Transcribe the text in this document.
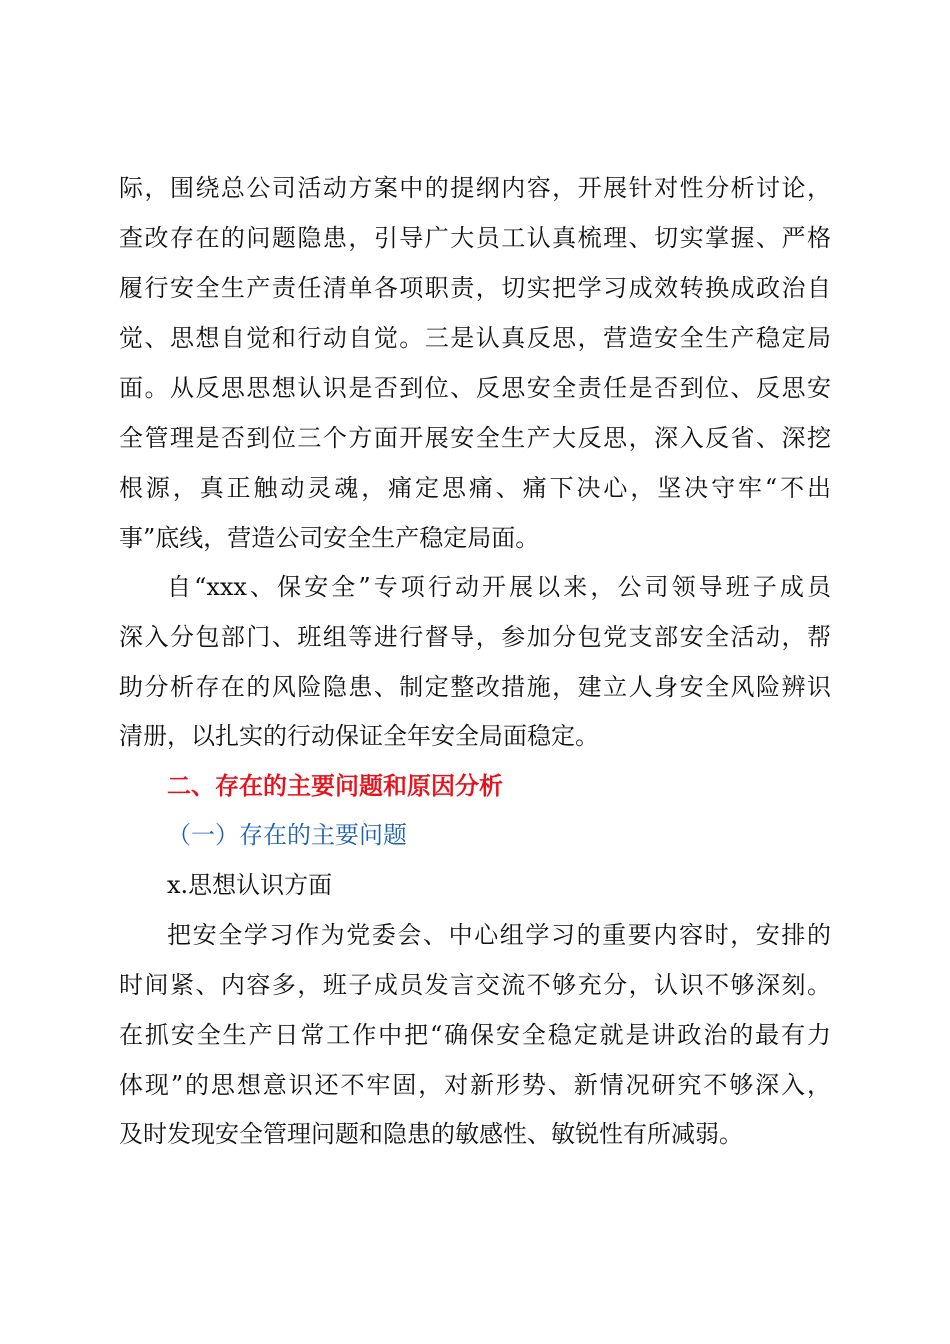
际，围绕总公司活动方案中的提纲内容，开展针对性分析讨论，
查改存在的问题隐患，引导广大员工认真梳理、切实掌握、严格
履行安全生产责任清单各项职责，切实把学习成效转换成政治自
觉、思想自觉和行动自觉。三是认真反思，营造安全生产稳定局
面。从反思思想认识是否到位、反思安全责任是否到位、反思安
全管理是否到位三个方面开展安全生产大反思，深入反省、深挖
根源，真正触动灵魂，痛定思痛、痛下决心，坚决守牢“不出
事”底线，营造公司安全生产稳定局面。
自“xxx、保安全”专项行动开展以来，公司领导班子成员
深入分包部门、班组等进行督导，参加分包党支部安全活动，帮
助分析存在的风险隐患、制定整改措施，建立人身安全风险辨识
清册，以扎实的行动保证全年安全局面稳定。
二、存在的主要问题和原因分析
（一）存在的主要问题
x.思想认识方面
把安全学习作为党委会、中心组学习的重要内容时，安排的
时间紧、内容多，班子成员发言交流不够充分，认识不够深刻。
在抓安全生产日常工作中把“确保安全稳定就是讲政治的最有力
体现”的思想意识还不牢固，对新形势、新情况研究不够深入，
及时发现安全管理问题和隐患的敏感性、敏锐性有所减弱。
